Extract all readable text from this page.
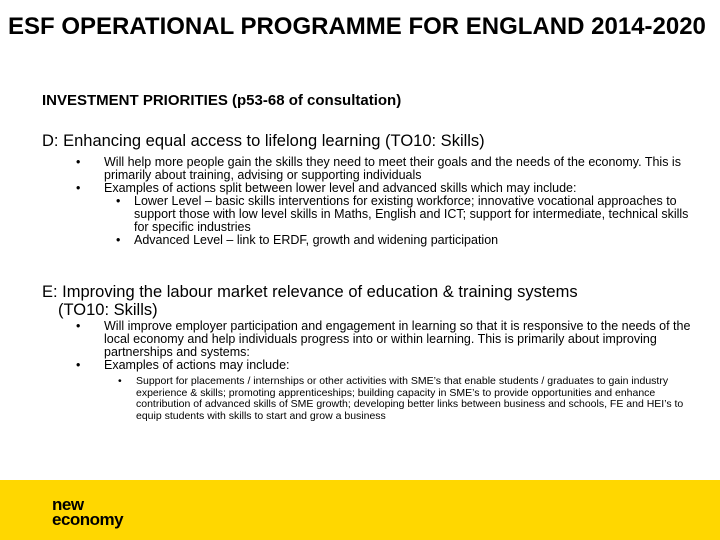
ESF OPERATIONAL PROGRAMME FOR ENGLAND 2014-2020
INVESTMENT PRIORITIES (p53-68 of consultation)
D: Enhancing equal access to lifelong learning (TO10: Skills)
• Will help more people gain the skills they need to meet their goals and the needs of the economy. This is primarily about training, advising or supporting individuals
• Examples of actions split between lower level and advanced skills which may include:
• Lower Level – basic skills interventions for existing workforce; innovative vocational approaches to support those with low level skills in Maths, English and ICT; support for intermediate, technical skills for specific industries
• Advanced Level – link to ERDF, growth and widening participation
E: Improving the labour market relevance of education & training systems
(TO10: Skills)
• Will improve employer participation and engagement in learning so that it is responsive to the needs of the local economy and help individuals progress into or within learning. This is primarily about improving partnerships and systems:
• Examples of actions may include:
• Support for placements / internships or other activities with SME’s that enable students / graduates to gain industry experience & skills; promoting apprenticeships; building capacity in SME’s to provide opportunities and enhance contribution of advanced skills of SME growth; developing better links between business and schools, FE and HEI’s to equip students with skills to start and grow a business
new
economy
